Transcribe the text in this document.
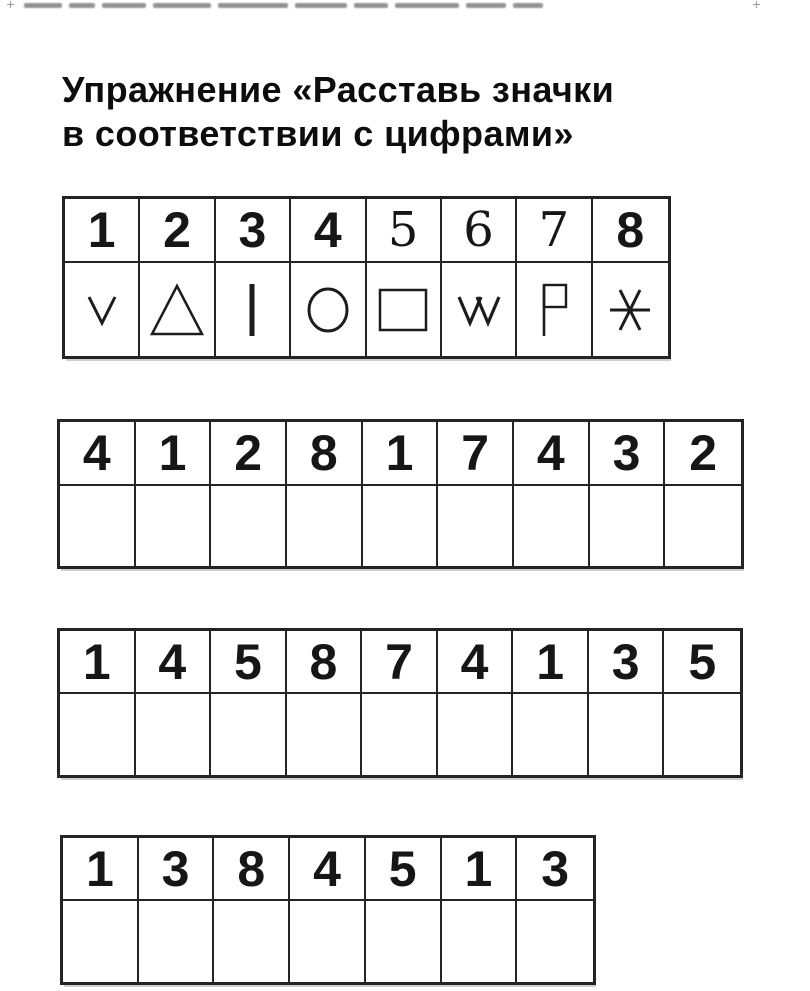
+	+
Упражнение «Расставь значки
в соответствии с цифрами»
1 2 3 4 5 6 7 8
4 1 2 8 1 7 4 3 2
1 4 5 8 7 4 1 3 5
1 3 8 4 5 1 3
